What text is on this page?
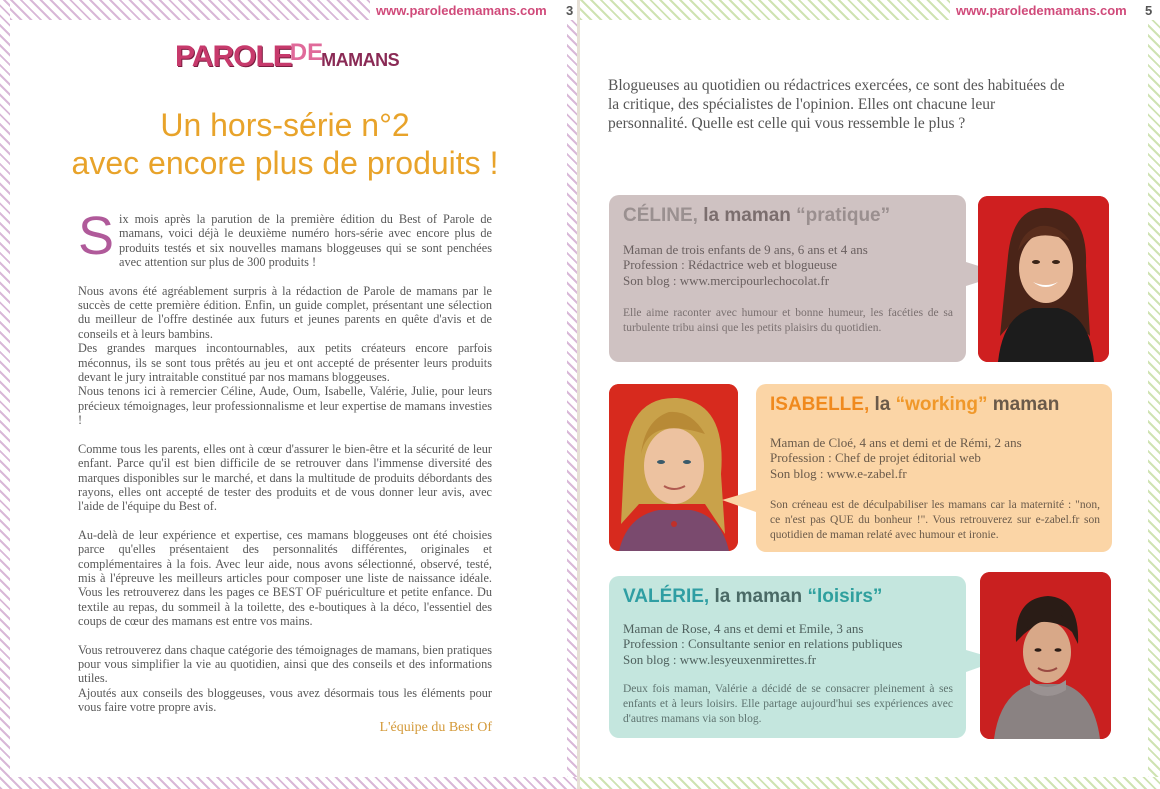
www.paroledemamans.com 3
PAROLEDEMAMANS
Un hors-série n°2
avec encore plus de produits !

Six mois après la parution de la première édition du Best of Parole de mamans, voici déjà le deuxième numéro hors-série avec encore plus de produits testés et six nouvelles mamans bloggeuses qui se sont penchées avec attention sur plus de 300 produits !

Nous avons été agréablement surpris à la rédaction de Parole de mamans par le succès de cette première édition. Enfin, un guide complet, présentant une sélection du meilleur de l'offre destinée aux futurs et jeunes parents en quête d'avis et de conseils et à leurs bambins.

Des grandes marques incontournables, aux petits créateurs encore parfois méconnus, ils se sont tous prêtés au jeu et ont accepté de présenter leurs produits devant le jury intraitable constitué par nos mamans bloggeuses.

Nous tenons ici à remercier Céline, Aude, Oum, Isabelle, Valérie, Julie, pour leurs précieux témoignages, leur professionnalisme et leur expertise de mamans investies !

Comme tous les parents, elles ont à cœur d'assurer le bien-être et la sécurité de leur enfant. Parce qu'il est bien difficile de se retrouver dans l'immense diversité des marques disponibles sur le marché, et dans la multitude de produits débordants des rayons, elles ont accepté de tester des produits et de vous donner leur avis, avec l'aide de l'équipe du Best of.

Au-delà de leur expérience et expertise, ces mamans bloggeuses ont été choisies parce qu'elles présentaient des personnalités différentes, originales et complémentaires à la fois. Avec leur aide, nous avons sélectionné, observé, testé, mis à l'épreuve les meilleurs articles pour composer une liste de naissance idéale. Vous les retrouverez dans les pages ce BEST OF puériculture et petite enfance. Du textile au repas, du sommeil à la toilette, des e-boutiques à la déco, l'essentiel des coups de cœur des mamans est entre vos mains.

Vous retrouverez dans chaque catégorie des témoignages de mamans, bien pratiques pour vous simplifier la vie au quotidien, ainsi que des conseils et des informations utiles.

Ajoutés aux conseils des bloggeuses, vous avez désormais tous les éléments pour vous faire votre propre avis.

L'équipe du Best Of
www.paroledemamans.com 5
Blogueuses au quotidien ou rédactrices exercées, ce sont des habituées de la critique, des spécialistes de l'opinion. Elles ont chacune leur personnalité. Quelle est celle qui vous ressemble le plus ?
CÉLINE, la maman “pratique”
Maman de trois enfants de 9 ans, 6 ans et 4 ans
Profession : Rédactrice web et blogueuse
Son blog : www.mercipourlechocolat.fr
Elle aime raconter avec humour et bonne humeur, les facéties de sa turbulente tribu ainsi que les petits plaisirs du quotidien.
ISABELLE, la “working” maman
Maman de Cloé, 4 ans et demi et de Rémi, 2 ans
Profession : Chef de projet éditorial web
Son blog : www.e-zabel.fr
Son créneau est de déculpabiliser les mamans car la maternité : "non, ce n'est pas QUE du bonheur !". Vous retrouverez sur e-zabel.fr son quotidien de maman relaté avec humour et ironie.
VALÉRIE, la maman “loisirs”
Maman de Rose, 4 ans et demi et Emile, 3 ans
Profession : Consultante senior en relations publiques
Son blog : www.lesyeuxenmirettes.fr
Deux fois maman, Valérie a décidé de se consacrer pleinement à ses enfants et à leurs loisirs. Elle partage aujourd'hui ses expériences avec d'autres mamans via son blog.
